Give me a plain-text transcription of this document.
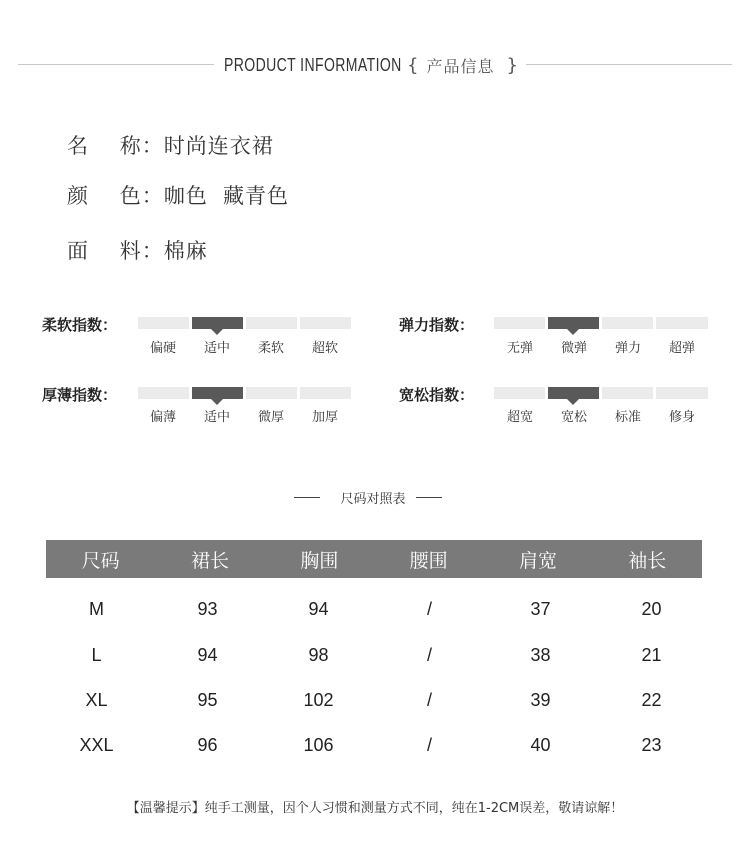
PRODUCT INFORMATION { 产品信息 }
名    称：时尚连衣裙
颜    色：咖色  藏青色
面    料：棉麻
柔软指数：
偏硬	适中	柔软	超软
弹力指数：
无弹	微弹	弹力	超弹
厚薄指数：
偏薄	适中	微厚	加厚
宽松指数：
超宽	宽松	标准	修身
尺码对照表
尺码	裙长	胸围	腰围	肩宽	袖长
M	93	94	/	37	20
L	94	98	/	38	21
XL	95	102	/	39	22
XXL	96	106	/	40	23
【温馨提示】纯手工测量，因个人习惯和测量方式不同，纯在1-2CM误差，敬请谅解！
